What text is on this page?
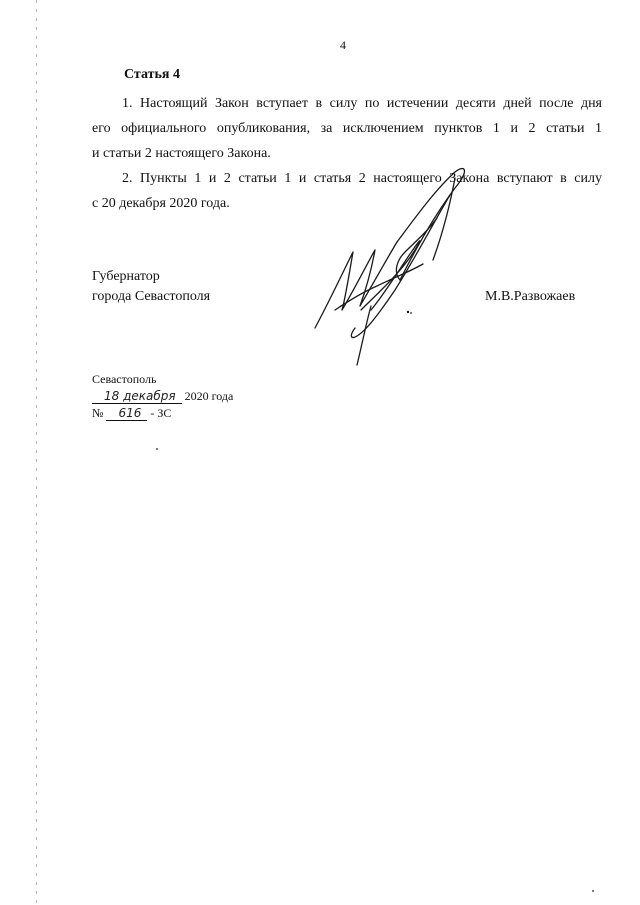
4
Статья 4
1. Настоящий Закон вступает в силу по истечении десяти дней после дня
его официального опубликования, за исключением пунктов 1 и 2 статьи 1
и статьи 2 настоящего Закона.
2. Пункты 1 и 2 статьи 1 и статья 2 настоящего Закона вступают в силу
с 20 декабря 2020 года.
Губернатор
города Севастополя	М.В.Развожаев
Севастополь
18 декабря 2020 года
№ 616 - ЗС
